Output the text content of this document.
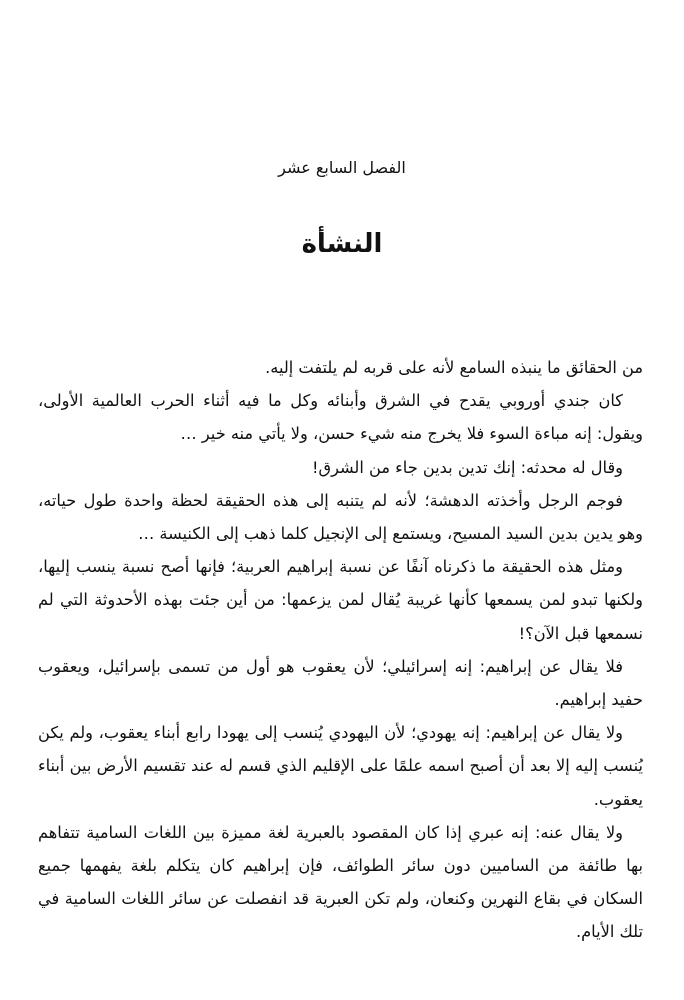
الفصل السابع عشر
النشأة

من الحقائق ما ينبذه السامع لأنه على قربه لم يلتفت إليه.

كان جندي أوروبي يقدح في الشرق وأبنائه وكل ما فيه أثناء الحرب العالمية الأولى، ويقول: إنه مباءة السوء فلا يخرج منه شيء حسن، ولا يأتي منه خير …

وقال له محدثه: إنك تدين بدين جاء من الشرق!

فوجم الرجل وأخذته الدهشة؛ لأنه لم يتنبه إلى هذه الحقيقة لحظة واحدة طول حياته، وهو يدين بدين السيد المسيح، ويستمع إلى الإنجيل كلما ذهب إلى الكنيسة …

ومثل هذه الحقيقة ما ذكرناه آنفًا عن نسبة إبراهيم العربية؛ فإنها أصح نسبة ينسب إليها، ولكنها تبدو لمن يسمعها كأنها غريبة يُقال لمن يزعمها: من أين جئت بهذه الأحدوثة التي لم نسمعها قبل الآن؟!

فلا يقال عن إبراهيم: إنه إسرائيلي؛ لأن يعقوب هو أول من تسمى بإسرائيل، ويعقوب حفيد إبراهيم.

ولا يقال عن إبراهيم: إنه يهودي؛ لأن اليهودي يُنسب إلى يهودا رابع أبناء يعقوب، ولم يكن يُنسب إليه إلا بعد أن أصبح اسمه علمًا على الإقليم الذي قسم له عند تقسيم الأرض بين أبناء يعقوب.

ولا يقال عنه: إنه عبري إذا كان المقصود بالعبرية لغة مميزة بين اللغات السامية تتفاهم بها طائفة من الساميين دون سائر الطوائف، فإن إبراهيم كان يتكلم بلغة يفهمها جميع السكان في بقاع النهرين وكنعان، ولم تكن العبرية قد انفصلت عن سائر اللغات السامية في تلك الأيام.
